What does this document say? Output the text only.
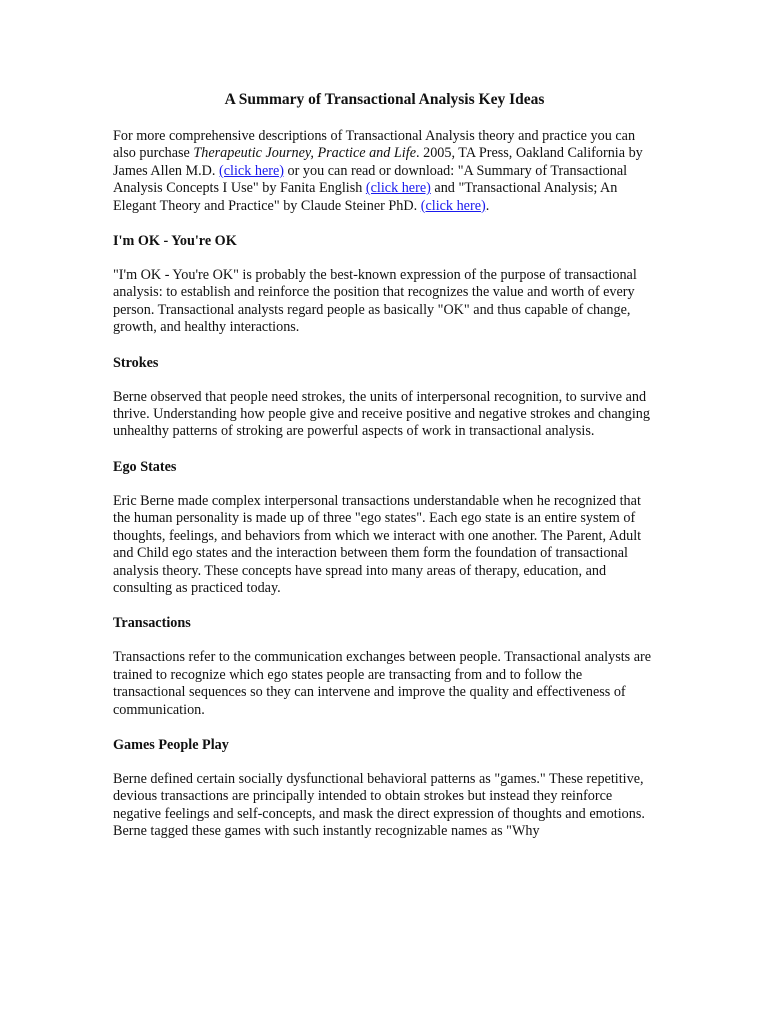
A Summary of Transactional Analysis Key Ideas

For more comprehensive descriptions of Transactional Analysis theory and practice you can also purchase Therapeutic Journey, Practice and Life. 2005, TA Press, Oakland California by James Allen M.D. (click here) or you can read or download: "A Summary of Transactional Analysis Concepts I Use" by Fanita English (click here) and "Transactional Analysis; An Elegant Theory and Practice" by Claude Steiner PhD. (click here).

I'm OK - You're OK

"I'm OK - You're OK" is probably the best-known expression of the purpose of transactional analysis: to establish and reinforce the position that recognizes the value and worth of every person. Transactional analysts regard people as basically "OK" and thus capable of change, growth, and healthy interactions.

Strokes

Berne observed that people need strokes, the units of interpersonal recognition, to survive and thrive. Understanding how people give and receive positive and negative strokes and changing unhealthy patterns of stroking are powerful aspects of work in transactional analysis.

Ego States

Eric Berne made complex interpersonal transactions understandable when he recognized that the human personality is made up of three "ego states". Each ego state is an entire system of thoughts, feelings, and behaviors from which we interact with one another. The Parent, Adult and Child ego states and the interaction between them form the foundation of transactional analysis theory. These concepts have spread into many areas of therapy, education, and consulting as practiced today.

Transactions

Transactions refer to the communication exchanges between people. Transactional analysts are trained to recognize which ego states people are transacting from and to follow the transactional sequences so they can intervene and improve the quality and effectiveness of communication.

Games People Play

Berne defined certain socially dysfunctional behavioral patterns as "games." These repetitive, devious transactions are principally intended to obtain strokes but instead they reinforce negative feelings and self-concepts, and mask the direct expression of thoughts and emotions. Berne tagged these games with such instantly recognizable names as "Why
